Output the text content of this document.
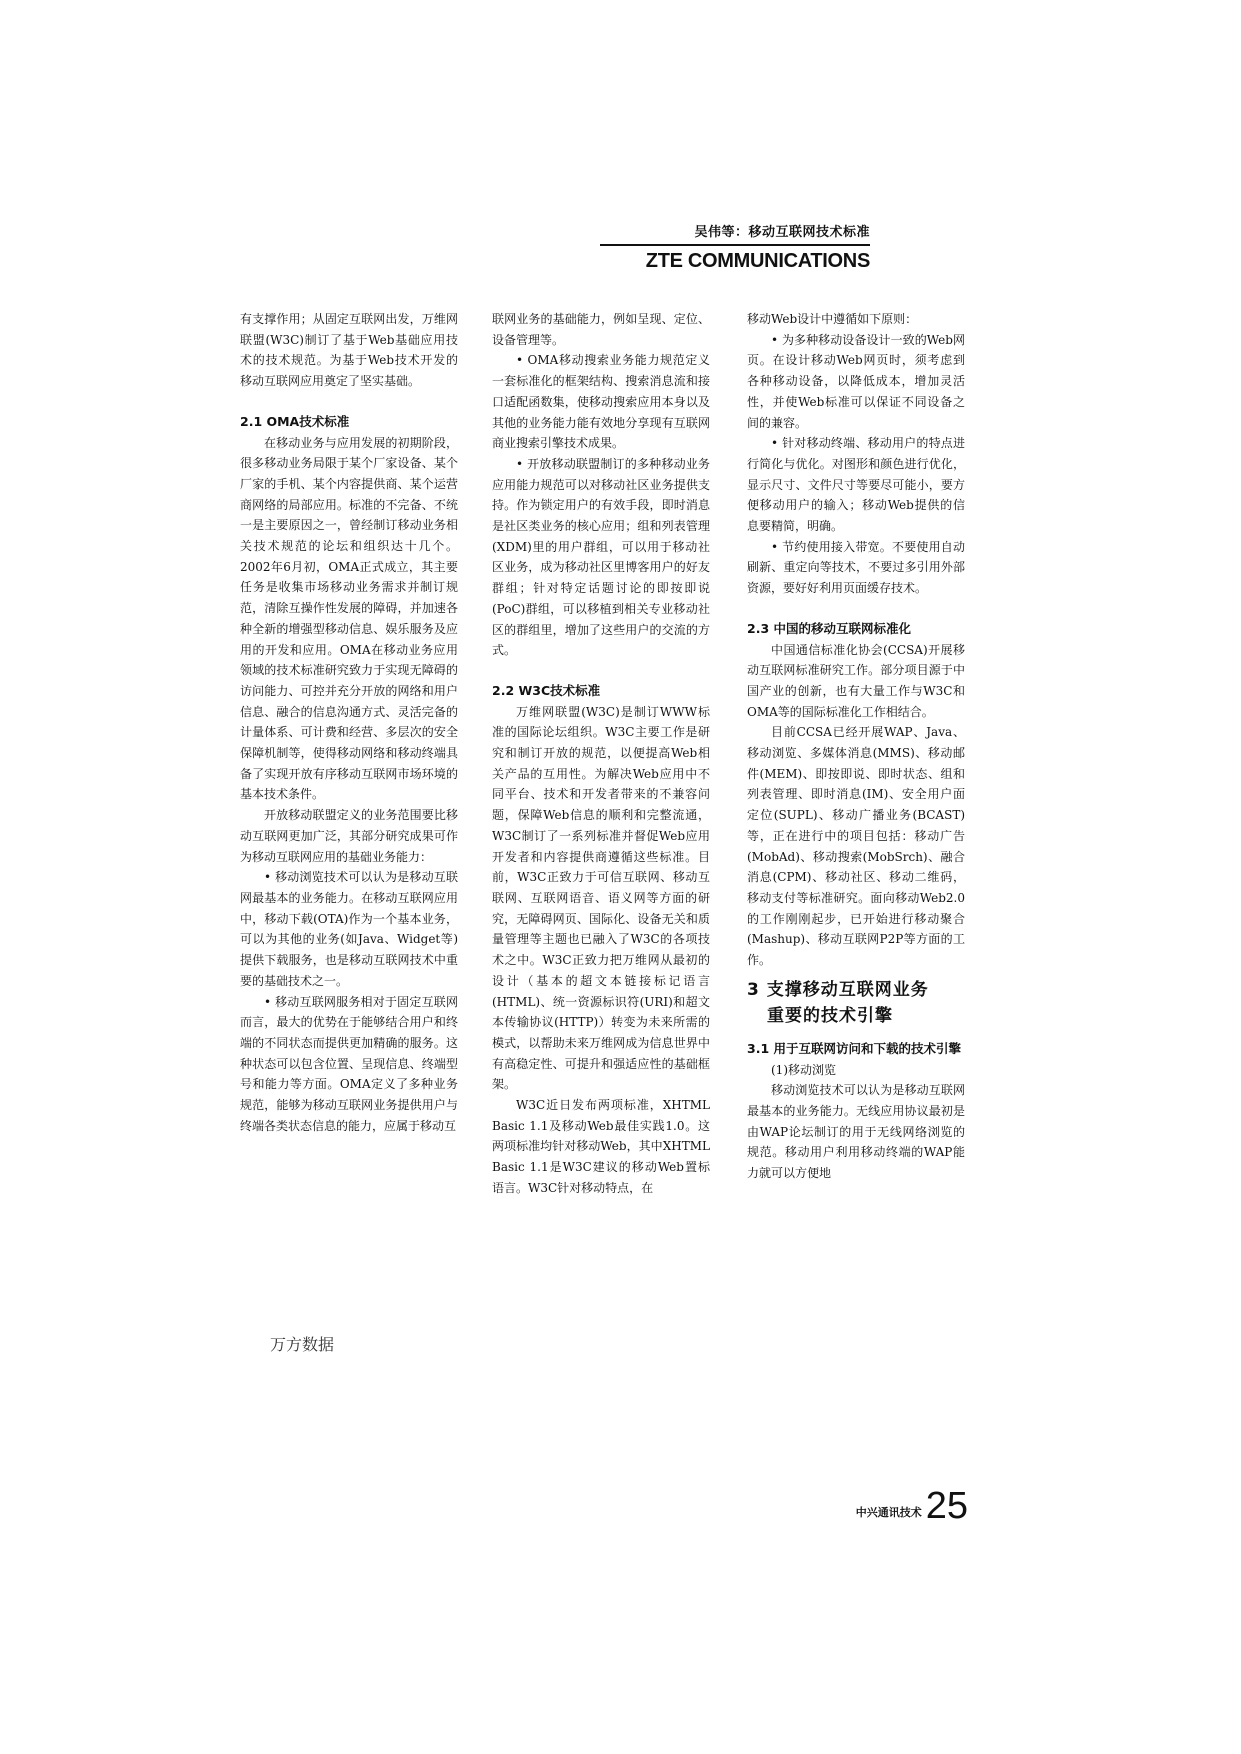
吴伟等：移动互联网技术标准
ZTE COMMUNICATIONS

有支撑作用；从固定互联网出发，万维网联盟(W3C)制订了基于Web基础应用技术的技术规范。为基于Web技术开发的移动互联网应用奠定了坚实基础。

2.1 OMA技术标准

在移动业务与应用发展的初期阶段，很多移动业务局限于某个厂家设备、某个厂家的手机、某个内容提供商、某个运营商网络的局部应用。标准的不完备、不统一是主要原因之一，曾经制订移动业务相关技术规范的论坛和组织达十几个。2002年6月初，OMA正式成立，其主要任务是收集市场移动业务需求并制订规范，清除互操作性发展的障碍，并加速各种全新的增强型移动信息、娱乐服务及应用的开发和应用。OMA在移动业务应用领域的技术标准研究致力于实现无障碍的访问能力、可控并充分开放的网络和用户信息、融合的信息沟通方式、灵活完备的计量体系、可计费和经营、多层次的安全保障机制等，使得移动网络和移动终端具备了实现开放有序移动互联网市场环境的基本技术条件。

开放移动联盟定义的业务范围要比移动互联网更加广泛，其部分研究成果可作为移动互联网应用的基础业务能力：

• 移动浏览技术可以认为是移动互联网最基本的业务能力。在移动互联网应用中，移动下载(OTA)作为一个基本业务，可以为其他的业务(如Java、Widget等)提供下载服务，也是移动互联网技术中重要的基础技术之一。

• 移动互联网服务相对于固定互联网而言，最大的优势在于能够结合用户和终端的不同状态而提供更加精确的服务。这种状态可以包含位置、呈现信息、终端型号和能力等方面。OMA定义了多种业务规范，能够为移动互联网业务提供用户与终端各类状态信息的能力，应属于移动互

联网业务的基础能力，例如呈现、定位、设备管理等。

• OMA移动搜索业务能力规范定义一套标准化的框架结构、搜索消息流和接口适配函数集，使移动搜索应用本身以及其他的业务能力能有效地分享现有互联网商业搜索引擎技术成果。

• 开放移动联盟制订的多种移动业务应用能力规范可以对移动社区业务提供支持。作为锁定用户的有效手段，即时消息是社区类业务的核心应用；组和列表管理(XDM)里的用户群组，可以用于移动社区业务，成为移动社区里博客用户的好友群组；针对特定话题讨论的即按即说(PoC)群组，可以移植到相关专业移动社区的群组里，增加了这些用户的交流的方式。

2.2 W3C技术标准

万维网联盟(W3C)是制订WWW标准的国际论坛组织。W3C主要工作是研究和制订开放的规范，以便提高Web相关产品的互用性。为解决Web应用中不同平台、技术和开发者带来的不兼容问题，保障Web信息的顺利和完整流通，W3C制订了一系列标准并督促Web应用开发者和内容提供商遵循这些标准。目前，W3C正致力于可信互联网、移动互联网、互联网语音、语义网等方面的研究，无障碍网页、国际化、设备无关和质量管理等主题也已融入了W3C的各项技术之中。W3C正致力把万维网从最初的设计（基本的超文本链接标记语言(HTML)、统一资源标识符(URI)和超文本传输协议(HTTP)）转变为未来所需的模式，以帮助未来万维网成为信息世界中有高稳定性、可提升和强适应性的基础框架。

W3C近日发布两项标准，XHTML Basic 1.1及移动Web最佳实践1.0。这两项标准均针对移动Web，其中XHTML Basic 1.1是W3C建议的移动Web置标语言。W3C针对移动特点，在

移动Web设计中遵循如下原则：

• 为多种移动设备设计一致的Web网页。在设计移动Web网页时，须考虑到各种移动设备，以降低成本，增加灵活性，并使Web标准可以保证不同设备之间的兼容。

• 针对移动终端、移动用户的特点进行简化与优化。对图形和颜色进行优化，显示尺寸、文件尺寸等要尽可能小，要方便移动用户的输入；移动Web提供的信息要精简，明确。

• 节约使用接入带宽。不要使用自动刷新、重定向等技术，不要过多引用外部资源，要好好利用页面缓存技术。

2.3 中国的移动互联网标准化

中国通信标准化协会(CCSA)开展移动互联网标准研究工作。部分项目源于中国产业的创新，也有大量工作与W3C和OMA等的国际标准化工作相结合。

目前CCSA已经开展WAP、Java、移动浏览、多媒体消息(MMS)、移动邮件(MEM)、即按即说、即时状态、组和列表管理、即时消息(IM)、安全用户面定位(SUPL)、移动广播业务(BCAST)等，正在进行中的项目包括：移动广告(MobAd)、移动搜索(MobSrch)、融合消息(CPM)、移动社区、移动二维码，移动支付等标准研究。面向移动Web2.0的工作刚刚起步，已开始进行移动聚合(Mashup)、移动互联网P2P等方面的工作。

3 支撑移动互联网业务
重要的技术引擎
3.1 用于互联网访问和下载的技术引擎

(1)移动浏览

移动浏览技术可以认为是移动互联网最基本的业务能力。无线应用协议最初是由WAP论坛制订的用于无线网络浏览的规范。移动用户利用移动终端的WAP能力就可以方便地

中兴通讯技术 25
万方数据
